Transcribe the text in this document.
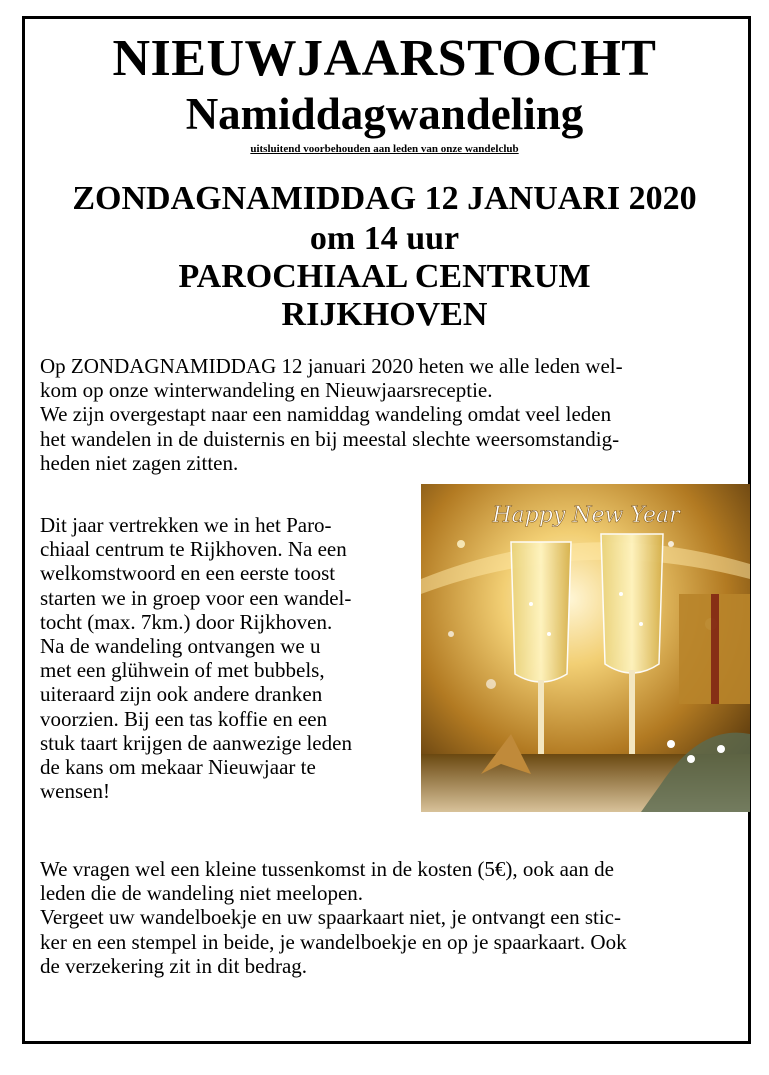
NIEUWJAARSTOCHT
Namiddagwandeling
uitsluitend voorbehouden aan leden van onze wandelclub
ZONDAGNAMIDDAG 12 JANUARI 2020
om 14 uur
PAROCHIAAL CENTRUM
RIJKHOVEN
Op ZONDAGNAMIDDAG 12 januari 2020 heten we alle leden wel-
kom op onze winterwandeling en Nieuwjaarsreceptie.
We zijn overgestapt naar een namiddag wandeling omdat veel leden
het wandelen in de duisternis en bij meestal slechte weersomstandig-
heden niet zagen zitten.
Dit jaar vertrekken we in het Paro-
chiaal centrum te Rijkhoven. Na een
welkomstwoord en een eerste toost
starten we in groep voor een wandel-
tocht (max. 7km.) door Rijkhoven.
Na de wandeling ontvangen we u
met een glühwein of met bubbels,
uiteraard zijn ook andere dranken
voorzien. Bij een tas koffie en een
stuk taart krijgen de aanwezige leden
de kans om mekaar Nieuwjaar te
wensen!
We vragen wel een kleine tussenkomst in de kosten (5€), ook aan de
leden die de wandeling niet meelopen.
Vergeet uw wandelboekje en uw spaarkaart niet, je ontvangt een stic-
ker en een stempel in beide, je wandelboekje en op je spaarkaart. Ook
de verzekering zit in dit bedrag.
Happy New Year
